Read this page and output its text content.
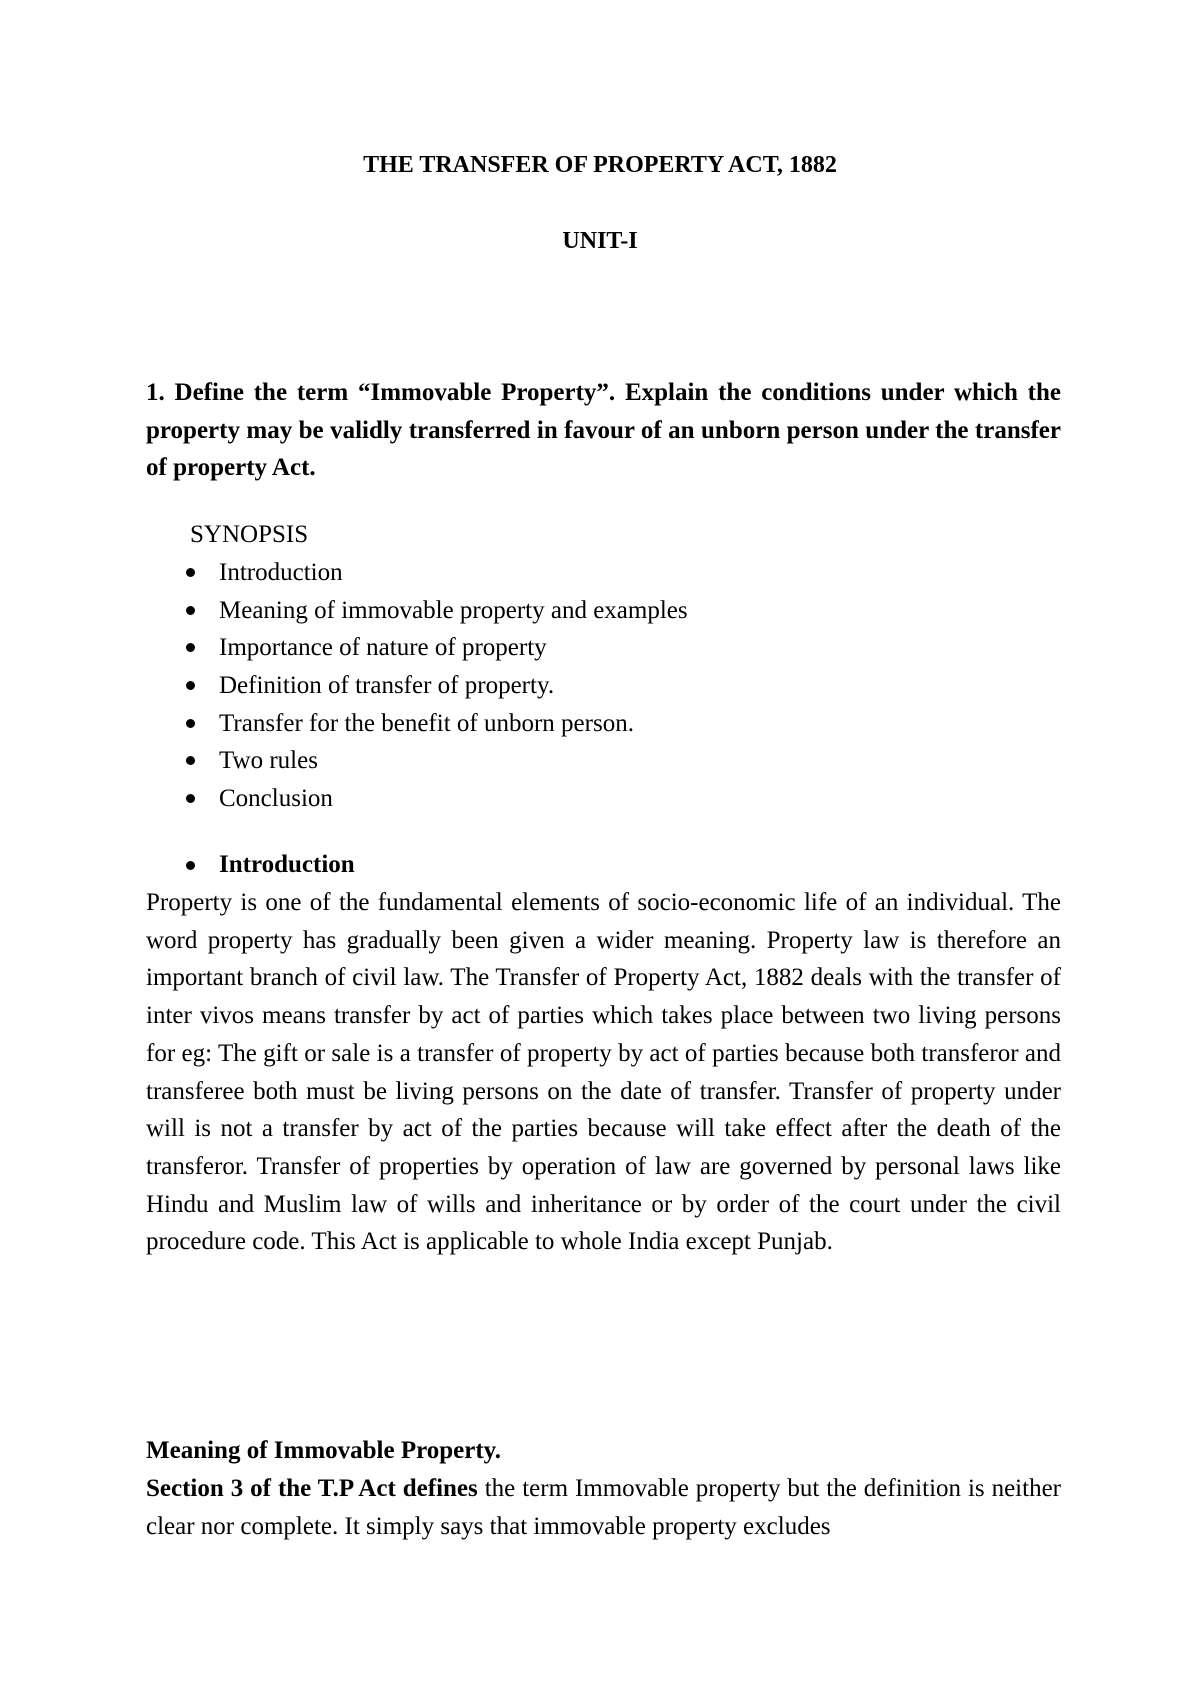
THE TRANSFER OF PROPERTY ACT, 1882
UNIT-I

1. Define the term “Immovable Property”. Explain the conditions under which the property may be validly transferred in favour of an unborn person under the transfer of property Act.

SYNOPSIS

Introduction
Meaning of immovable property and examples
Importance of nature of property
Definition of transfer of property.
Transfer for the benefit of unborn person.
Two rules
Conclusion
Introduction

Property is one of the fundamental elements of socio-economic life of an individual. The word property has gradually been given a wider meaning. Property law is therefore an important branch of civil law. The Transfer of Property Act, 1882 deals with the transfer of inter vivos means transfer by act of parties which takes place between two living persons for eg: The gift or sale is a transfer of property by act of parties because both transferor and transferee both must be living persons on the date of transfer. Transfer of property under will is not a transfer by act of the parties because will take effect after the death of the transferor. Transfer of properties by operation of law are governed by personal laws like Hindu and Muslim law of wills and inheritance or by order of the court under the civil procedure code. This Act is applicable to whole India except Punjab.

Meaning of Immovable Property.

Section 3 of the T.P Act defines the term Immovable property but the definition is neither clear nor complete. It simply says that immovable property excludes
